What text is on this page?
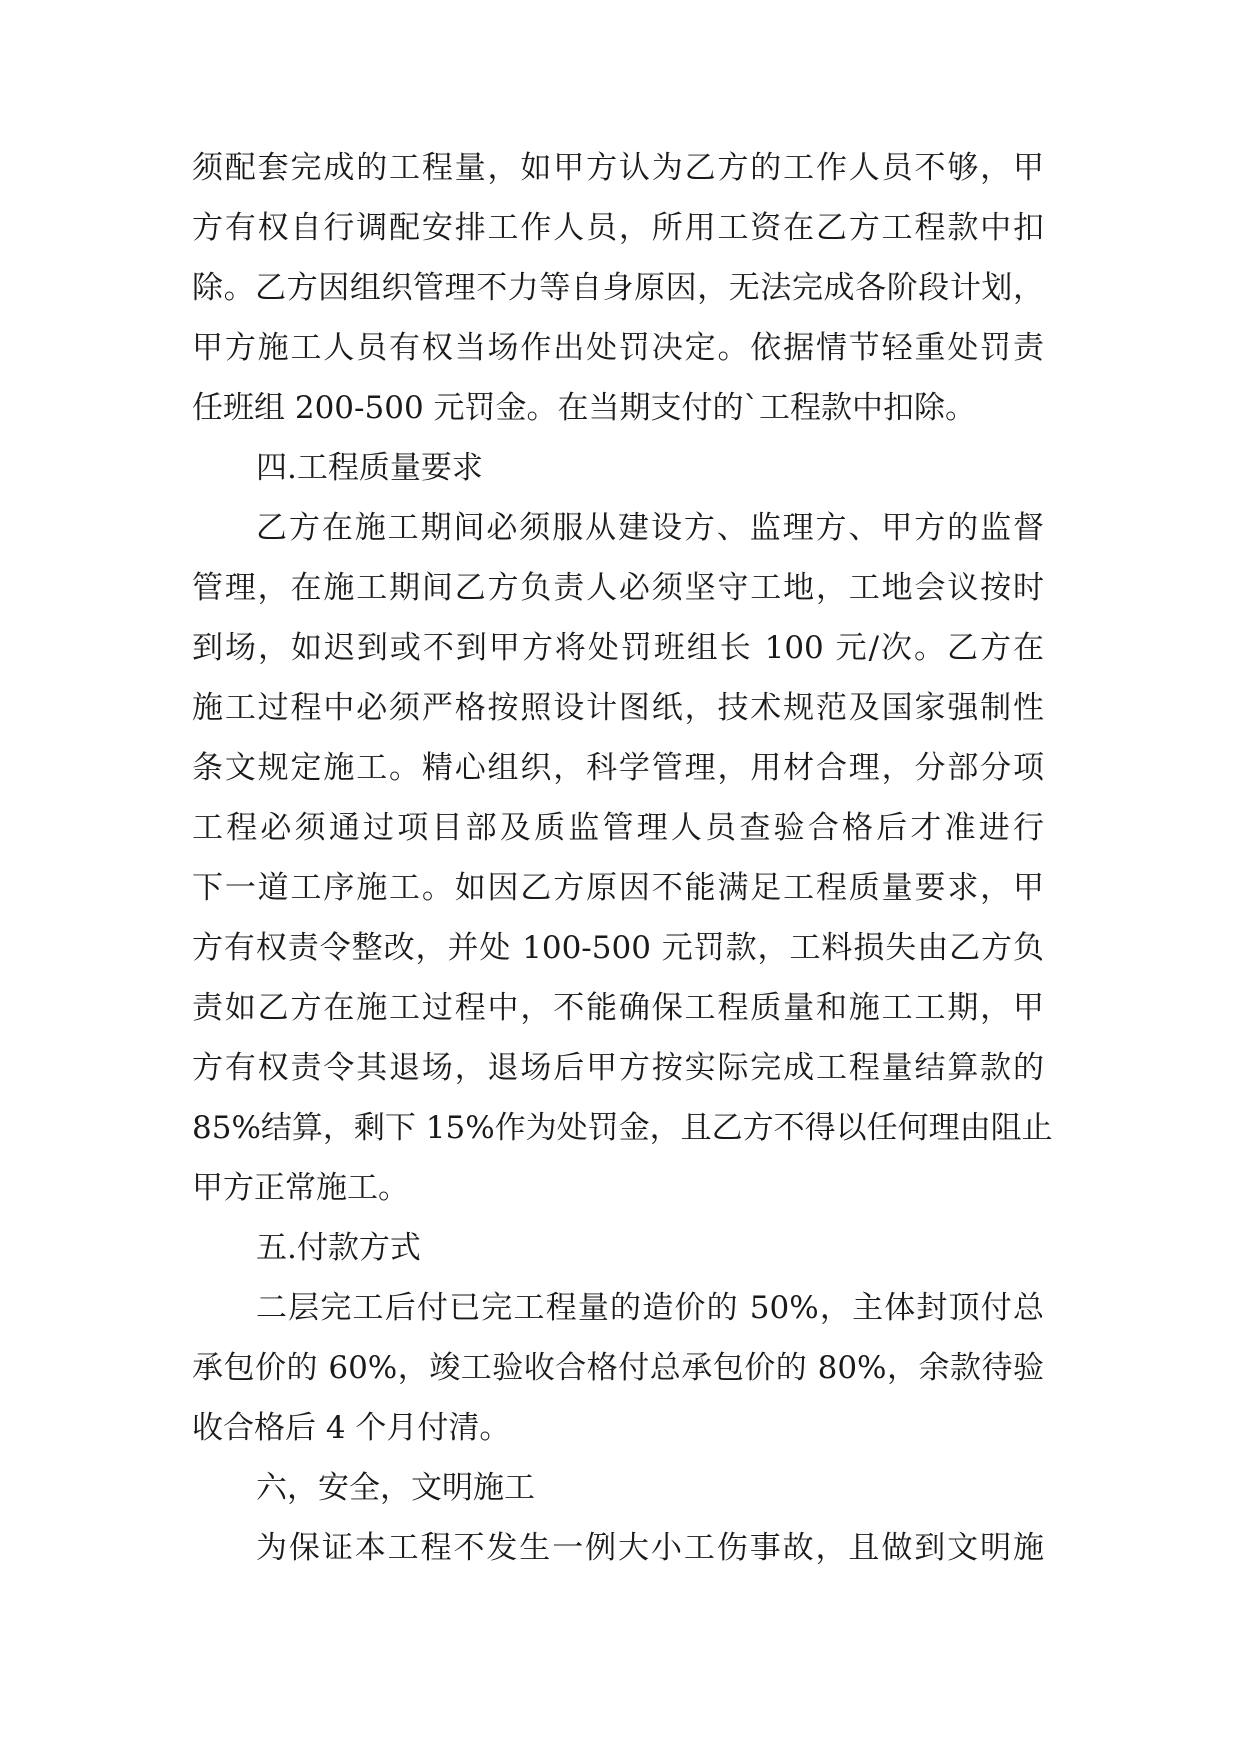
须配套完成的工程量，如甲方认为乙方的工作人员不够，甲
方有权自行调配安排工作人员，所用工资在乙方工程款中扣
除。乙方因组织管理不力等自身原因，无法完成各阶段计划，
甲方施工人员有权当场作出处罚决定。依据情节轻重处罚责
任班组 200-500 元罚金。在当期支付的`工程款中扣除。
四.工程质量要求
乙方在施工期间必须服从建设方、监理方、甲方的监督
管理，在施工期间乙方负责人必须坚守工地，工地会议按时
到场，如迟到或不到甲方将处罚班组长 100 元/次。乙方在
施工过程中必须严格按照设计图纸，技术规范及国家强制性
条文规定施工。精心组织，科学管理，用材合理，分部分项
工程必须通过项目部及质监管理人员查验合格后才准进行
下一道工序施工。如因乙方原因不能满足工程质量要求，甲
方有权责令整改，并处 100-500 元罚款，工料损失由乙方负
责如乙方在施工过程中，不能确保工程质量和施工工期，甲
方有权责令其退场，退场后甲方按实际完成工程量结算款的
85%结算，剩下 15%作为处罚金，且乙方不得以任何理由阻止
甲方正常施工。
五.付款方式
二层完工后付已完工程量的造价的 50%，主体封顶付总
承包价的 60%，竣工验收合格付总承包价的 80%，余款待验
收合格后 4 个月付清。
六，安全，文明施工
为保证本工程不发生一例大小工伤事故，且做到文明施
